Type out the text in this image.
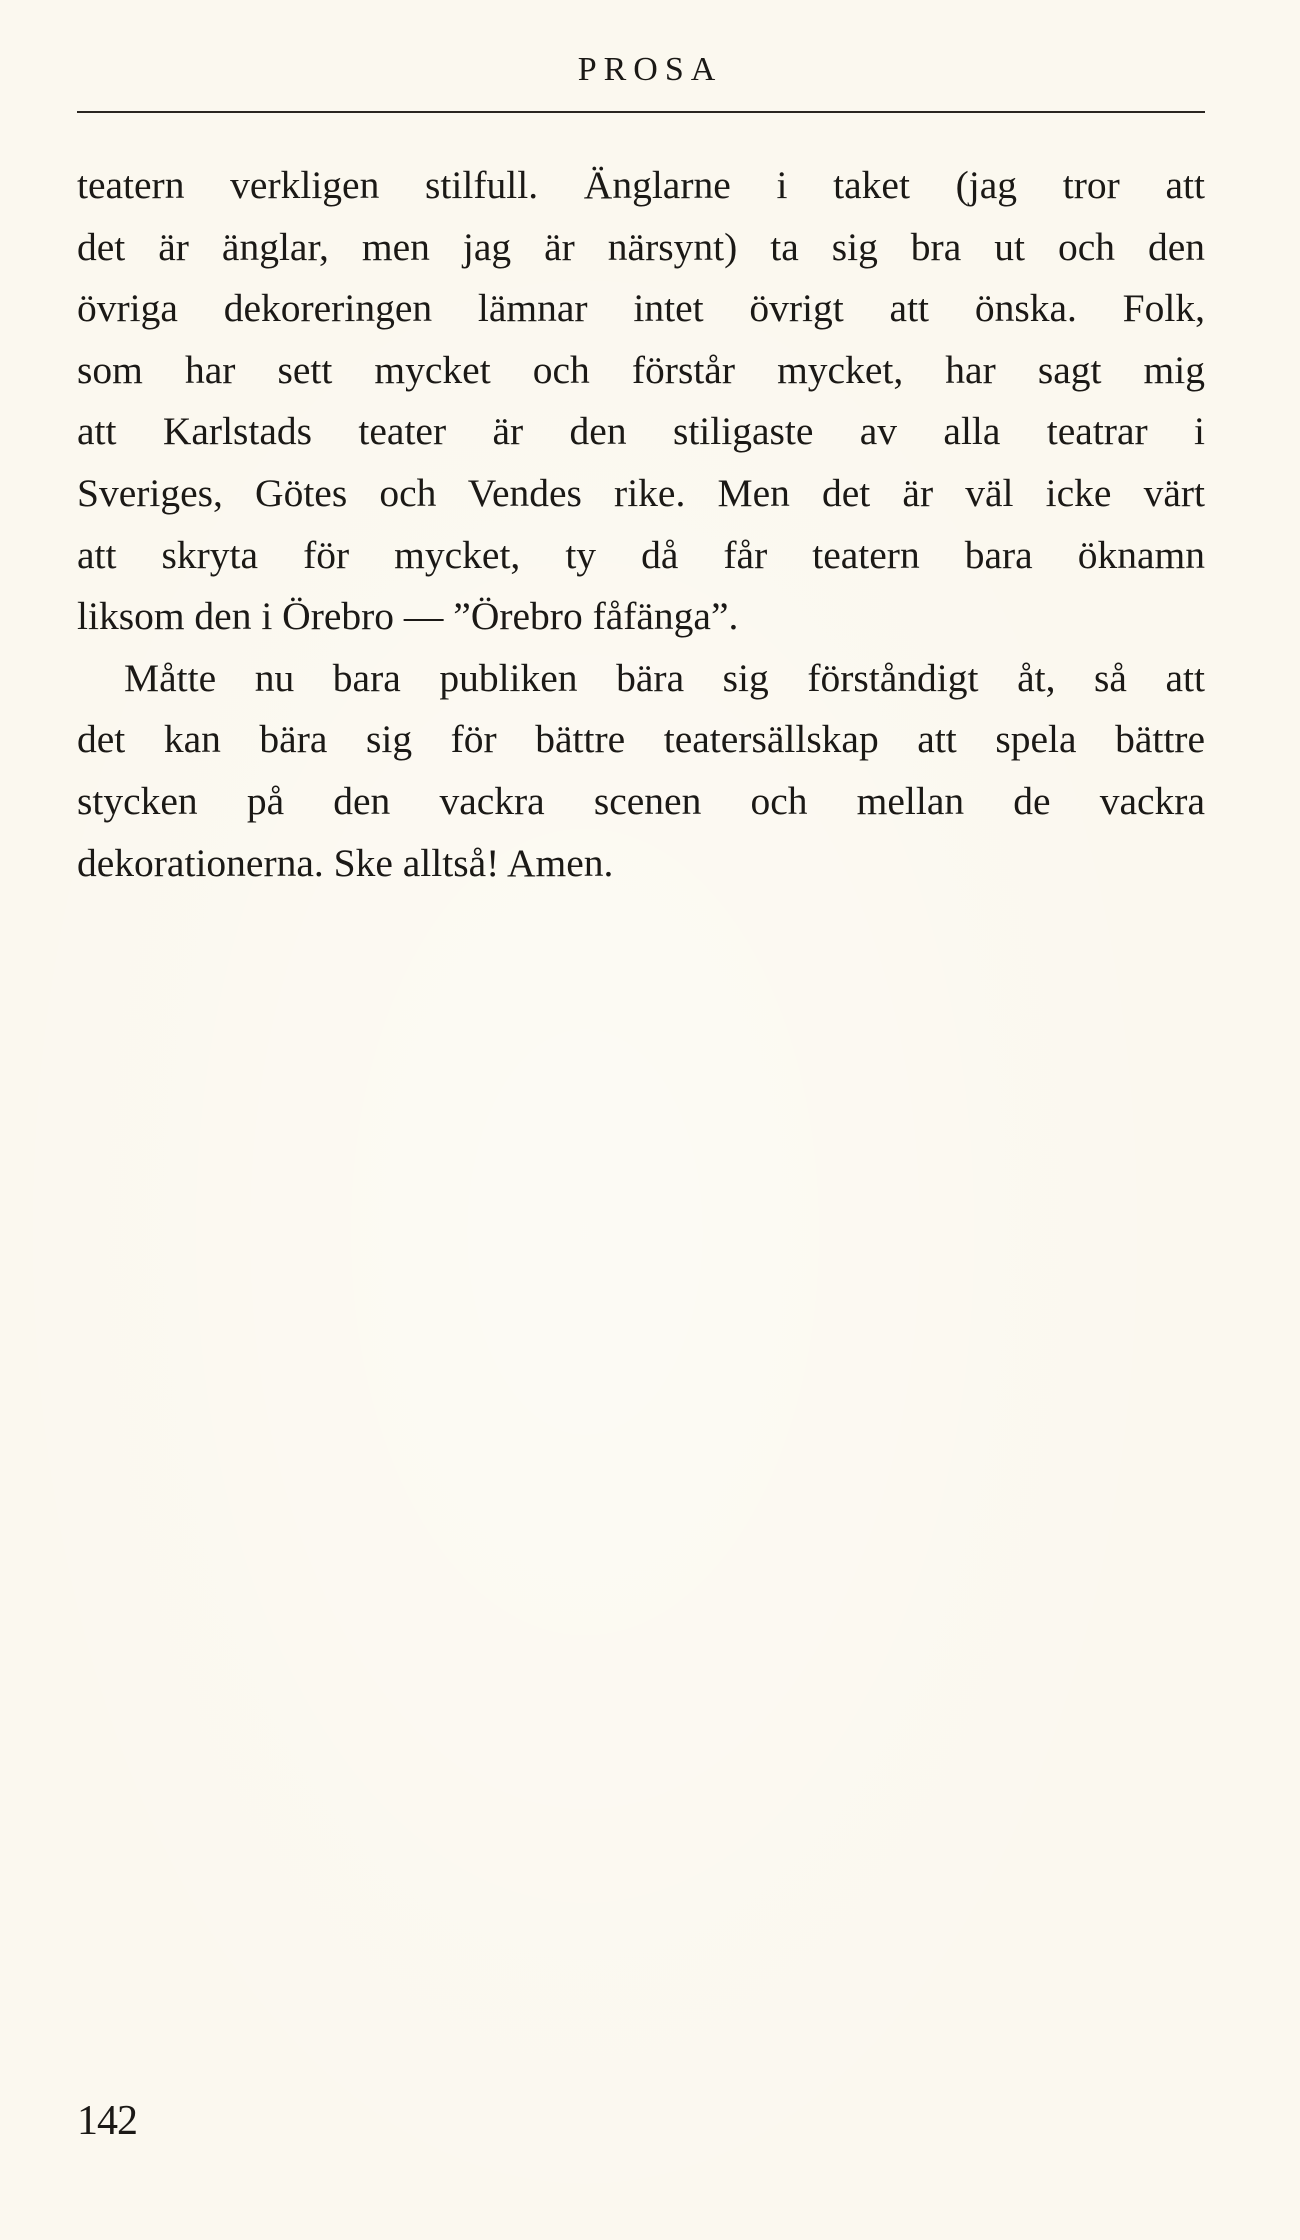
PROSA
teatern verkligen stilfull. Änglarne i taket (jag tror att
det är änglar, men jag är närsynt) ta sig bra ut och den
övriga dekoreringen lämnar intet övrigt att önska. Folk,
som har sett mycket och förstår mycket, har sagt mig
att Karlstads teater är den stiligaste av alla teatrar i
Sveriges, Götes och Vendes rike. Men det är väl icke värt
att skryta för mycket, ty då får teatern bara öknamn
liksom den i Örebro — ”Örebro fåfänga”.
Måtte nu bara publiken bära sig förståndigt åt, så att
det kan bära sig för bättre teatersällskap att spela bättre
stycken på den vackra scenen och mellan de vackra
dekorationerna. Ske alltså! Amen.
142
